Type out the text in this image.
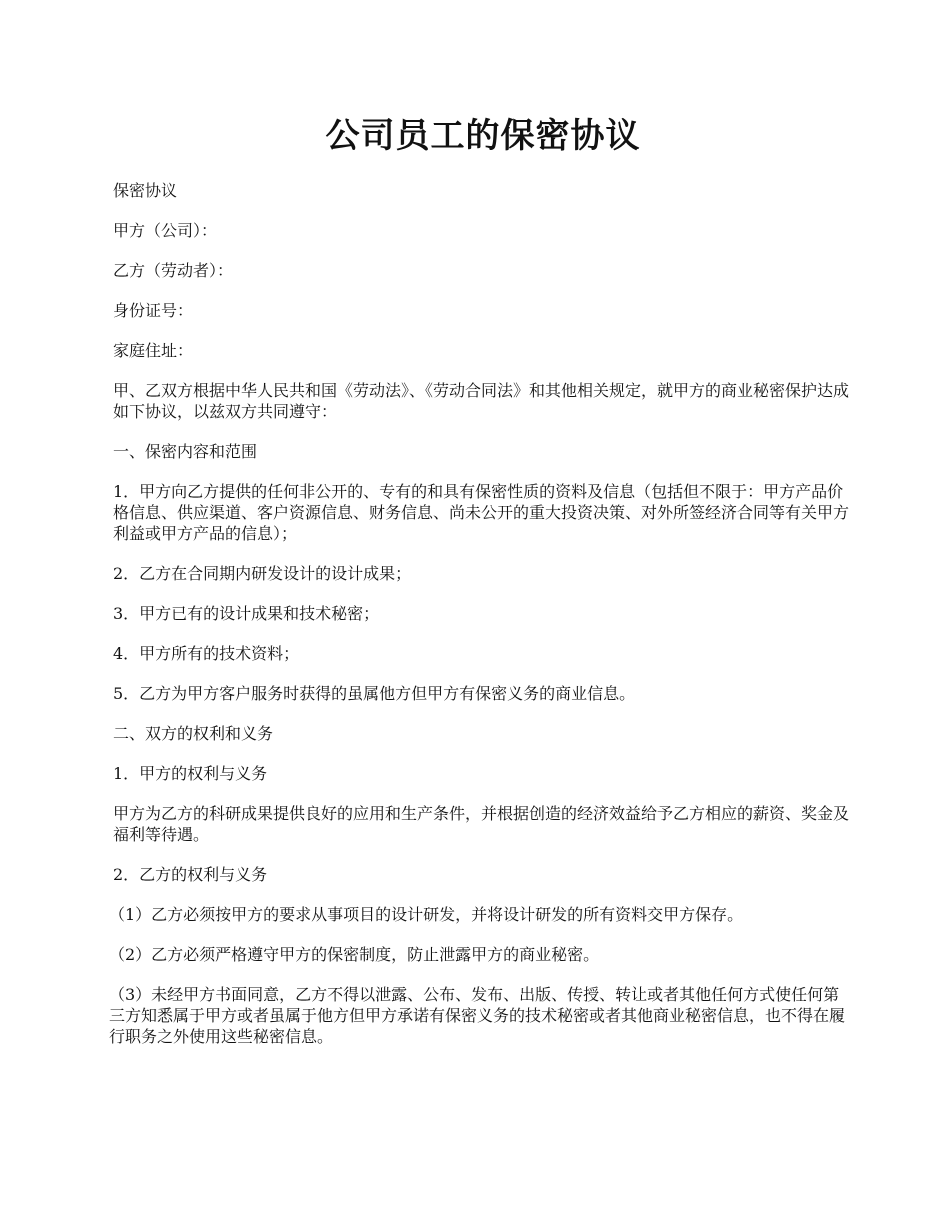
公司员工的保密协议

保密协议

甲方（公司）：

乙方（劳动者）：

身份证号：

家庭住址：

甲、乙双方根据中华人民共和国《劳动法》、《劳动合同法》和其他相关规定，就甲方的商业秘密保护达成如下协议，以兹双方共同遵守：

一、保密内容和范围

1．甲方向乙方提供的任何非公开的、专有的和具有保密性质的资料及信息（包括但不限于：甲方产品价格信息、供应渠道、客户资源信息、财务信息、尚未公开的重大投资决策、对外所签经济合同等有关甲方利益或甲方产品的信息）；

2．乙方在合同期内研发设计的设计成果；

3．甲方已有的设计成果和技术秘密；

4．甲方所有的技术资料；

5．乙方为甲方客户服务时获得的虽属他方但甲方有保密义务的商业信息。

二、双方的权利和义务

1．甲方的权利与义务

甲方为乙方的科研成果提供良好的应用和生产条件，并根据创造的经济效益给予乙方相应的薪资、奖金及福利等待遇。

2．乙方的权利与义务

（1）乙方必须按甲方的要求从事项目的设计研发，并将设计研发的所有资料交甲方保存。

（2）乙方必须严格遵守甲方的保密制度，防止泄露甲方的商业秘密。

（3）未经甲方书面同意，乙方不得以泄露、公布、发布、出版、传授、转让或者其他任何方式使任何第三方知悉属于甲方或者虽属于他方但甲方承诺有保密义务的技术秘密或者其他商业秘密信息，也不得在履行职务之外使用这些秘密信息。
